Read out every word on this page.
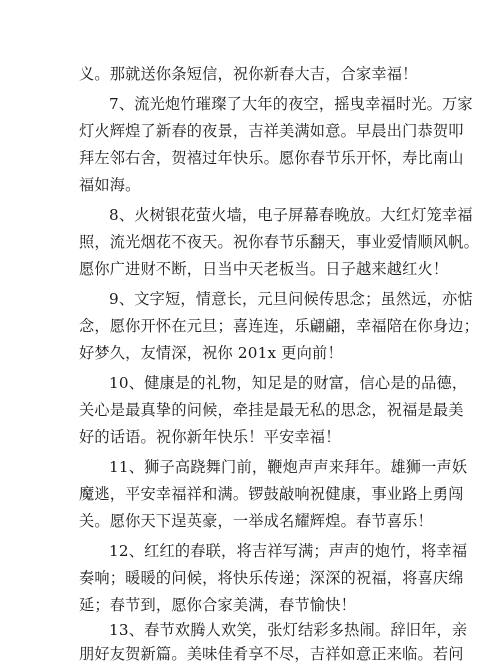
义。那就送你条短信，祝你新春大吉，合家幸福！
7、流光炮竹璀璨了大年的夜空，摇曳幸福时光。万家
灯火辉煌了新春的夜景，吉祥美满如意。早晨出门恭贺叩
拜左邻右舍，贺禧过年快乐。愿你春节乐开怀，寿比南山
福如海。
8、火树银花萤火墙，电子屏幕春晚放。大红灯笼幸福
照，流光烟花不夜天。祝你春节乐翻天，事业爱情顺风帆。
愿你广进财不断，日当中天老板当。日子越来越红火！
9、文字短，情意长，元旦问候传思念；虽然远，亦惦
念，愿你开怀在元旦；喜连连，乐翩翩，幸福陪在你身边；
好梦久，友情深，祝你 201x 更向前！
10、健康是的礼物，知足是的财富，信心是的品德，
关心是最真挚的问候，牵挂是最无私的思念，祝福是最美
好的话语。祝你新年快乐！平安幸福！
11、狮子高跷舞门前，鞭炮声声来拜年。雄狮一声妖
魔逃，平安幸福祥和满。锣鼓敲响祝健康，事业路上勇闯
关。愿你天下逞英豪，一举成名耀辉煌。春节喜乐！
12、红红的春联，将吉祥写满；声声的炮竹，将幸福
奏响；暖暖的问候，将快乐传递；深深的祝福，将喜庆绵
延；春节到，愿你合家美满，春节愉快！
13、春节欢腾人欢笑，张灯结彩多热闹。辞旧年，亲
朋好友贺新篇。美味佳肴享不尽，吉祥如意正来临。若问
